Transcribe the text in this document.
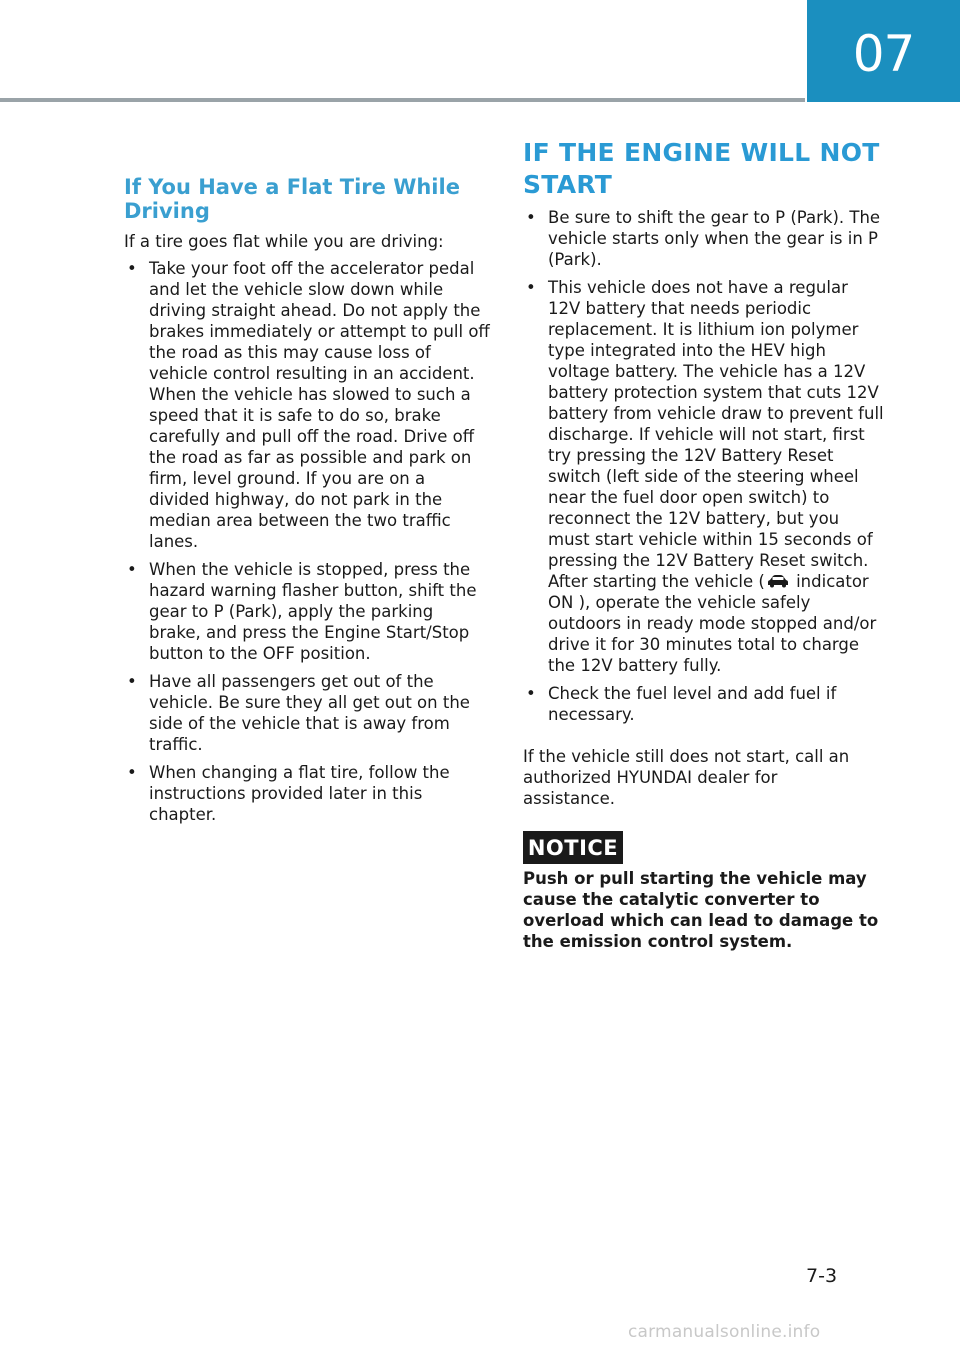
07
If You Have a Flat Tire While Driving

If a tire goes flat while you are driving:

• Take your foot off the accelerator pedal and let the vehicle slow down while driving straight ahead. Do not apply the brakes immediately or attempt to pull off the road as this may cause loss of vehicle control resulting in an accident. When the vehicle has slowed to such a speed that it is safe to do so, brake carefully and pull off the road. Drive off the road as far as possible and park on firm, level ground. If you are on a divided highway, do not park in the median area between the two traffic lanes.
• When the vehicle is stopped, press the hazard warning flasher button, shift the gear to P (Park), apply the parking brake, and press the Engine Start/Stop button to the OFF position.
• Have all passengers get out of the vehicle. Be sure they all get out on the side of the vehicle that is away from traffic.
• When changing a flat tire, follow the instructions provided later in this chapter.
IF THE ENGINE WILL NOT START
• Be sure to shift the gear to P (Park). The vehicle starts only when the gear is in P (Park).
• This vehicle does not have a regular 12V battery that needs periodic replacement. It is lithium ion polymer type integrated into the HEV high voltage battery. The vehicle has a 12V battery protection system that cuts 12V battery from vehicle draw to prevent full discharge. If vehicle will not start, first try pressing the 12V Battery Reset switch (left side of the steering wheel near the fuel door open switch) to reconnect the 12V battery, but you must start vehicle within 15 seconds of pressing the 12V Battery Reset switch. After starting the vehicle ( indicator ON ), operate the vehicle safely outdoors in ready mode stopped and/or drive it for 30 minutes total to charge the 12V battery fully.
• Check the fuel level and add fuel if necessary.

If the vehicle still does not start, call an authorized HYUNDAI dealer for assistance.

NOTICE

Push or pull starting the vehicle may cause the catalytic converter to overload which can lead to damage to the emission control system.

7-3
carmanualsonline.info
